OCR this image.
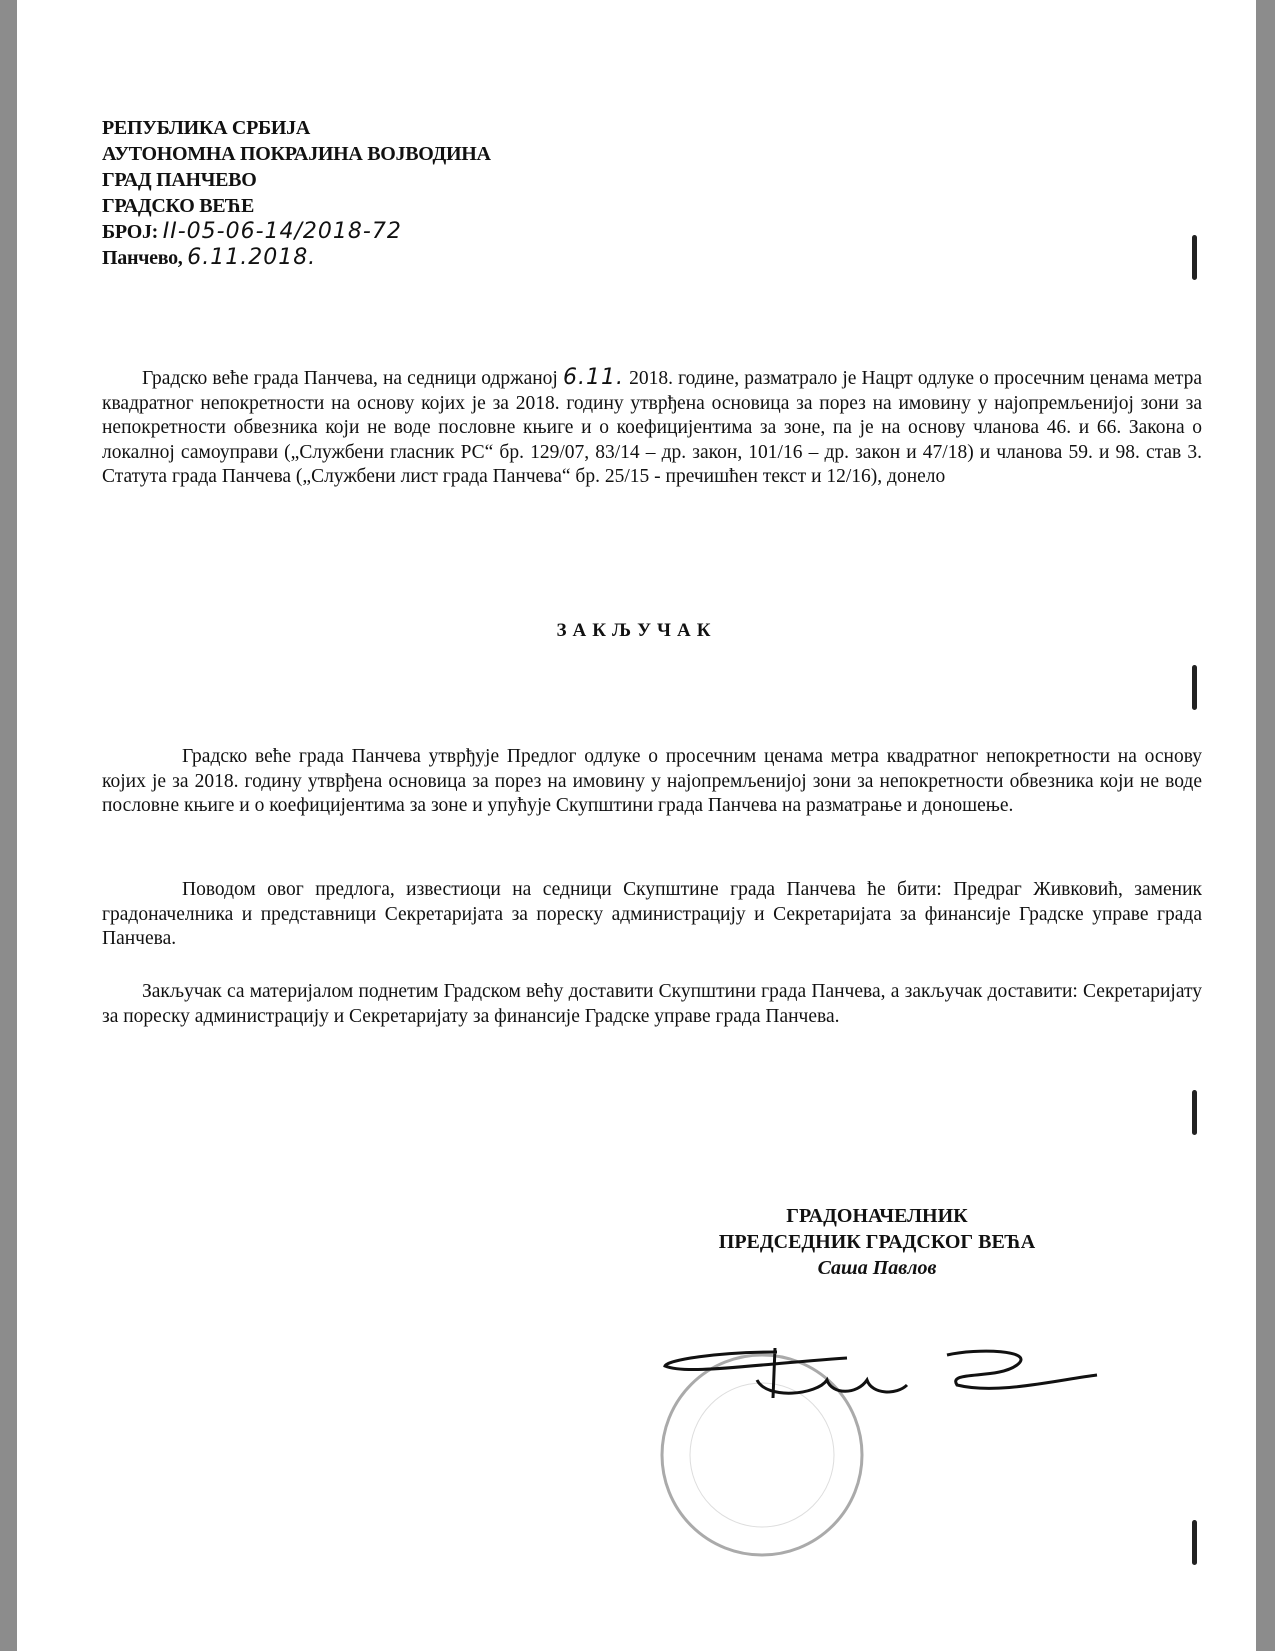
РЕПУБЛИКА СРБИЈА
АУТОНОМНА ПОКРАЈИНА ВОЈВОДИНА
ГРАД ПАНЧЕВО
ГРАДСКО ВЕЋЕ
БРОЈ: II-05-06-14/2018-72
Панчево, 6.11.2018.
Градско веће града Панчева, на седници одржаној 6.11. 2018. године, разматрало је Нацрт одлуке о просечним ценама метра квадратног непокретности на основу којих је за 2018. годину утврђена основица за порез на имовину у најопремљенијој зони за непокретности обвезника који не воде пословне књиге и о коефицијентима за зоне, па је на основу чланова 46. и 66. Закона о локалној самоуправи („Службени гласник РС“ бр. 129/07, 83/14 – др. закон, 101/16 – др. закон и 47/18) и чланова 59. и 98. став 3. Статута града Панчева („Службени лист града Панчева“ бр. 25/15 - пречишћен текст и 12/16), донело
ЗАКЉУЧАК
Градско веће града Панчева утврђује Предлог одлуке о просечним ценама метра квадратног непокретности на основу којих је за 2018. годину утврђена основица за порез на имовину у најопремљенијој зони за непокретности обвезника који не воде пословне књиге и о коефицијентима за зоне и упућује Скупштини града Панчева на разматрање и доношење.
Поводом овог предлога, известиоци на седници Скупштине града Панчева ће бити: Предраг Живковић, заменик градоначелника и представници Секретаријата за пореску администрацију и Секретаријата за финансије Градске управе града Панчева.
Закључак са материјалом поднетим Градском већу доставити Скупштини града Панчева, а закључак доставити: Секретаријату за пореску администрацију и Секретаријату за финансије Градске управе града Панчева.
ГРАДОНАЧЕЛНИК
ПРЕДСЕДНИК ГРАДСКОГ ВЕЋА
Саша Павлов
